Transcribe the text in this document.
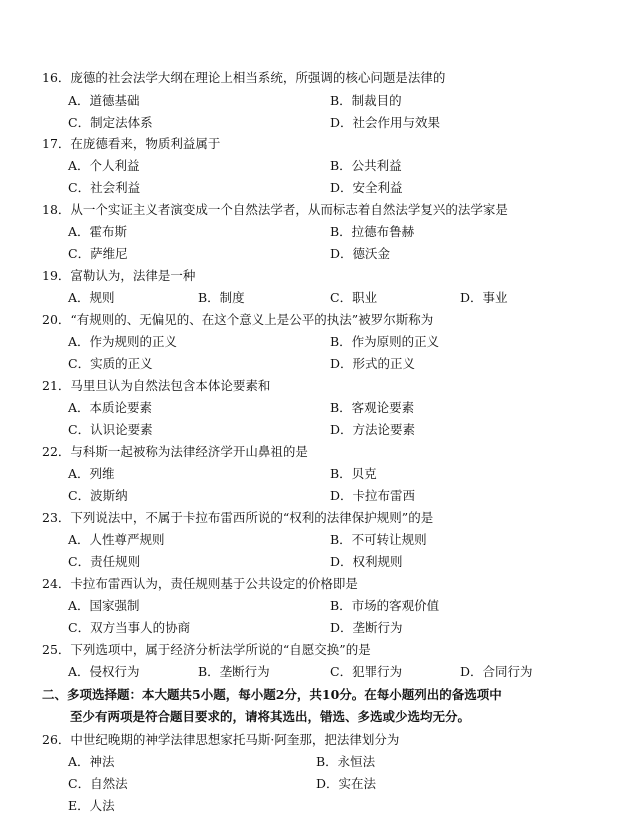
16．庞德的社会法学大纲在理论上相当系统，所强调的核心问题是法律的
A．道德基础	B．制裁目的
C．制定法体系	D．社会作用与效果
17．在庞德看来，物质利益属于
A．个人利益	B．公共利益
C．社会利益	D．安全利益
18．从一个实证主义者演变成一个自然法学者，从而标志着自然法学复兴的法学家是
A．霍布斯	B．拉德布鲁赫
C．萨维尼	D．德沃金
19．富勒认为，法律是一种
A．规则	B．制度	C．职业	D．事业
20．“有规则的、无偏见的、在这个意义上是公平的执法”被罗尔斯称为
A．作为规则的正义	B．作为原则的正义
C．实质的正义	D．形式的正义
21．马里旦认为自然法包含本体论要素和
A．本质论要素	B．客观论要素
C．认识论要素	D．方法论要素
22．与科斯一起被称为法律经济学开山鼻祖的是
A．列维	B．贝克
C．波斯纳	D．卡拉布雷西
23．下列说法中，不属于卡拉布雷西所说的“权利的法律保护规则”的是
A．人性尊严规则	B．不可转让规则
C．责任规则	D．权利规则
24．卡拉布雷西认为，责任规则基于公共设定的价格即是
A．国家强制	B．市场的客观价值
C．双方当事人的协商	D．垄断行为
25．下列选项中，属于经济分析法学所说的“自愿交换”的是
A．侵权行为	B．垄断行为	C．犯罪行为	D．合同行为
二、多项选择题：本大题共5小题，每小题2分，共10分。在每小题列出的备选项中
至少有两项是符合题目要求的，请将其选出，错选、多选或少选均无分。
26．中世纪晚期的神学法律思想家托马斯·阿奎那，把法律划分为
A．神法	B．永恒法
C．自然法	D．实在法
E．人法
